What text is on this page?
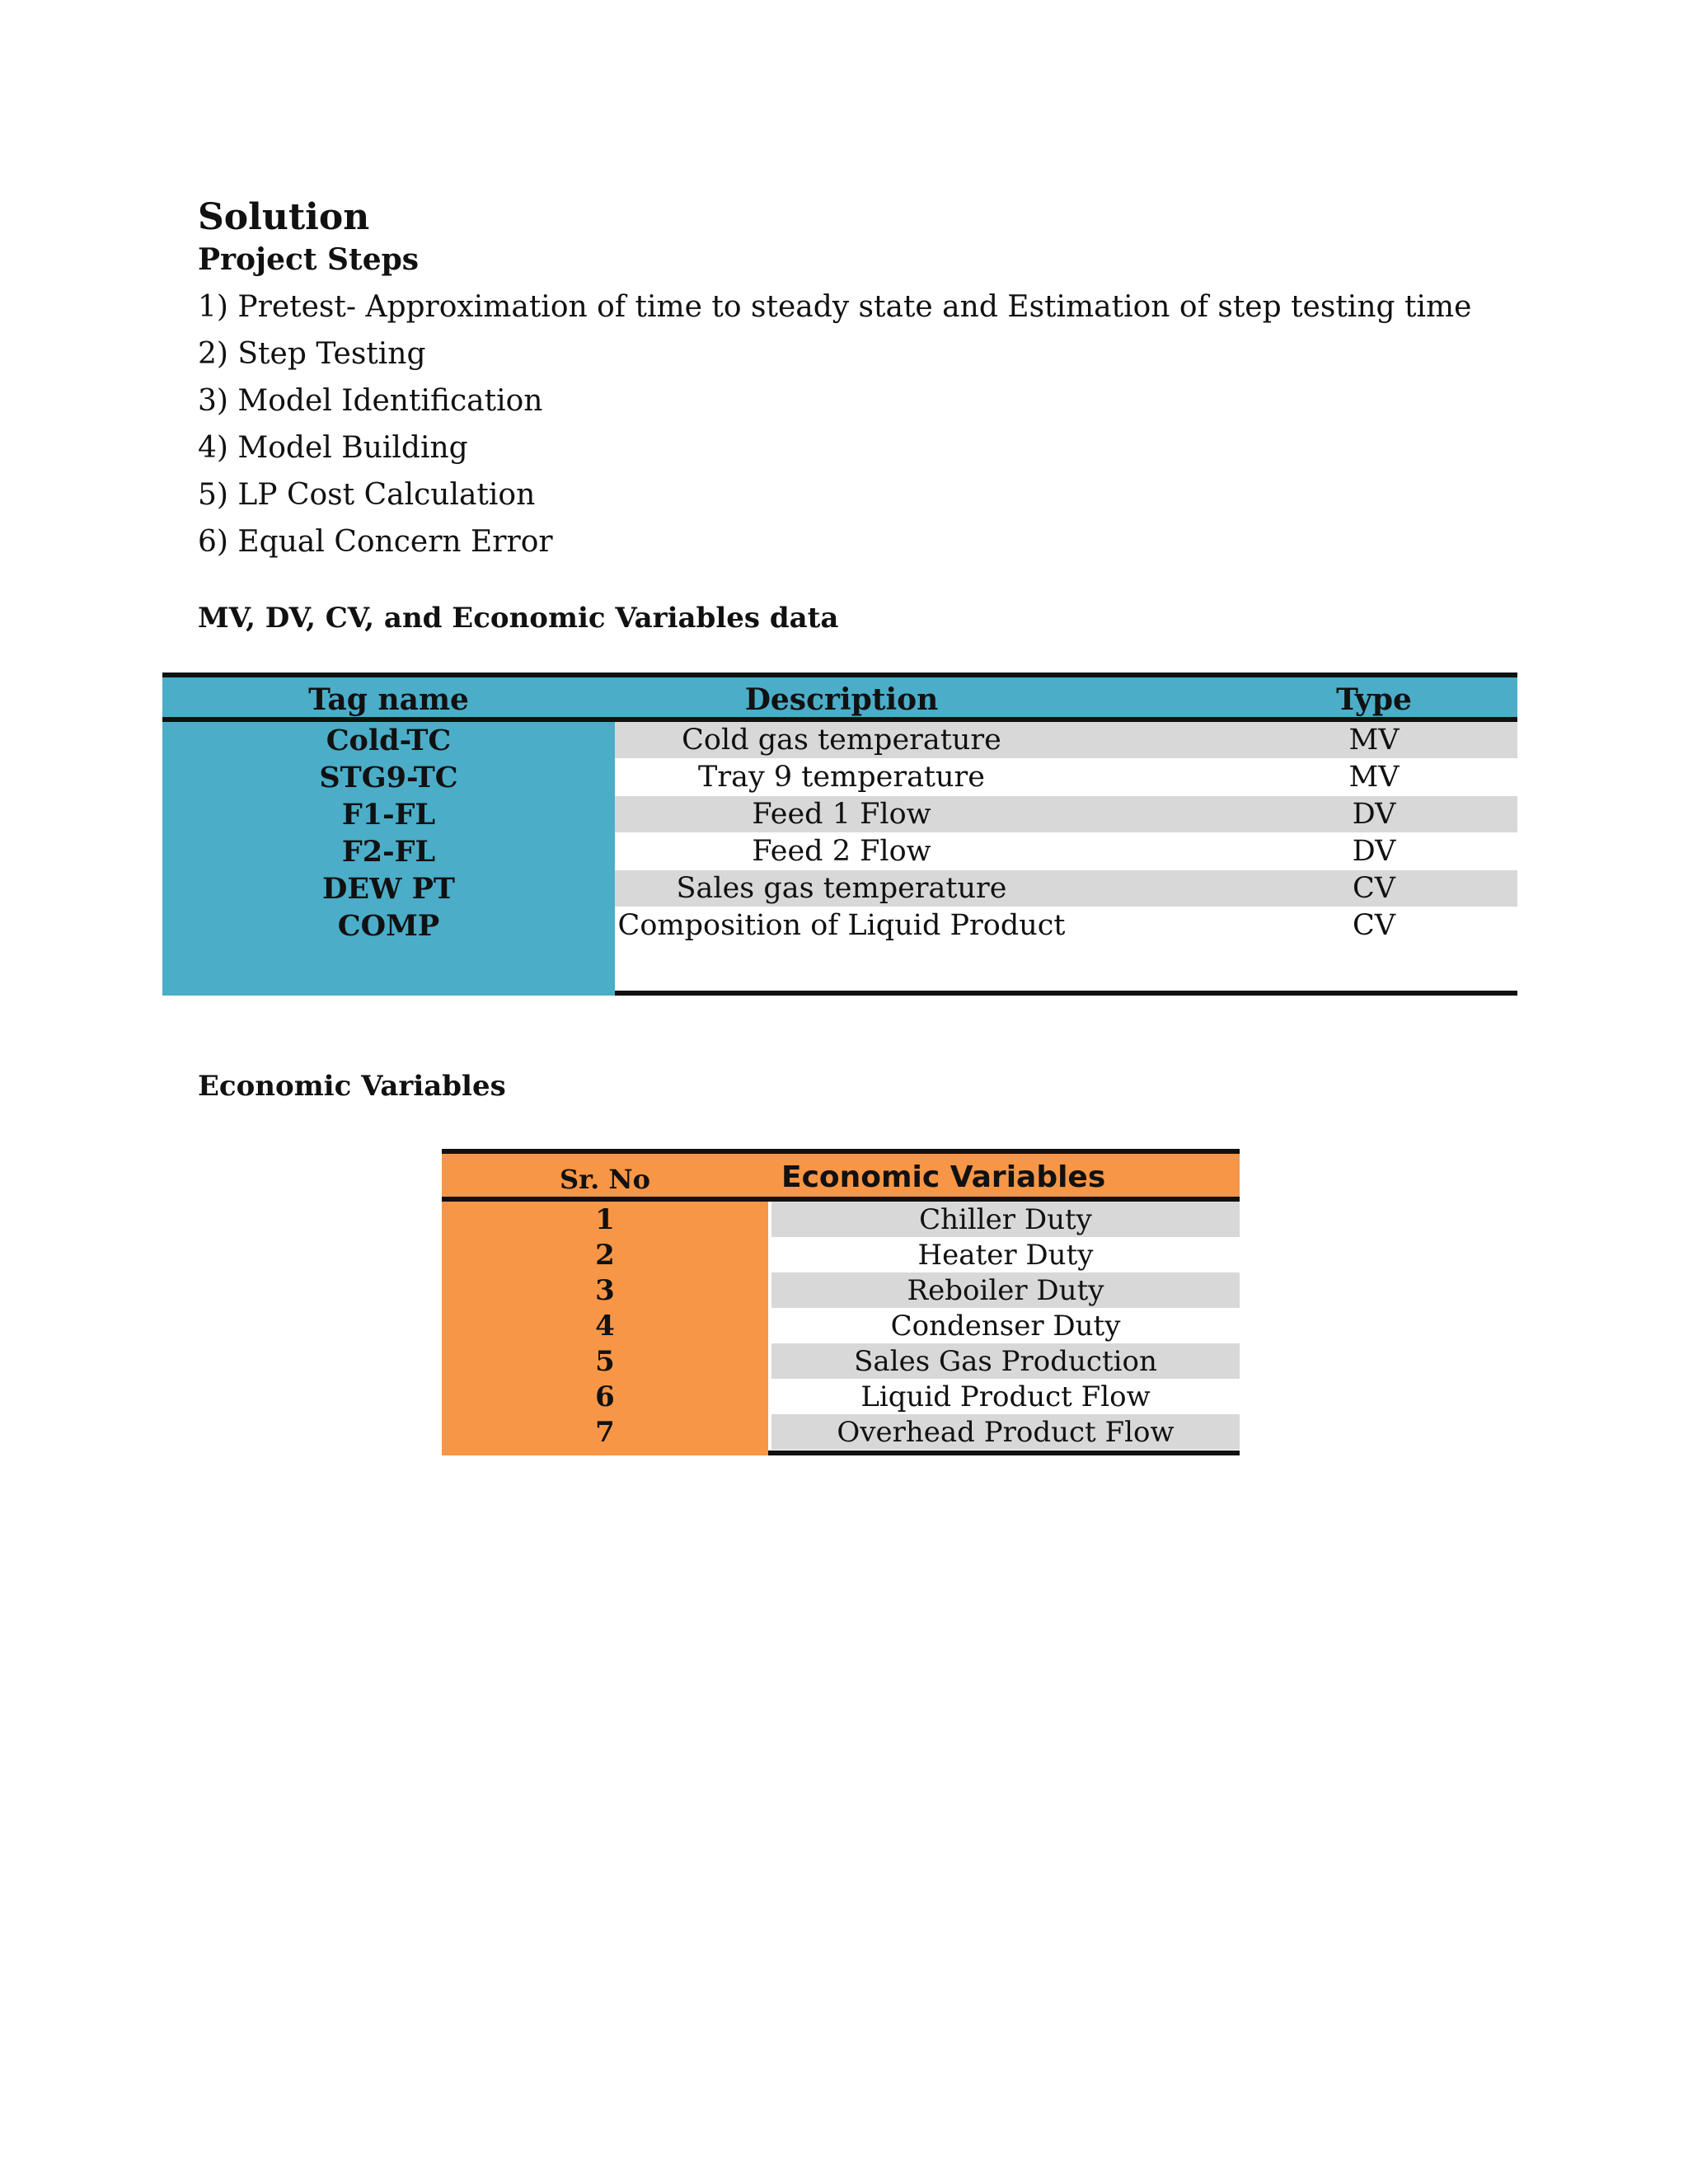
Solution
Project Steps
1) Pretest- Approximation of time to steady state and Estimation of step testing time
2) Step Testing
3) Model Identification
4) Model Building
5) LP Cost Calculation
6) Equal Concern Error
MV, DV, CV, and Economic Variables data
Tag name	Description	Type
Cold-TC	Cold gas temperature	MV
STG9-TC	Tray 9 temperature	MV
F1-FL	Feed 1 Flow	DV
F2-FL	Feed 2 Flow	DV
DEW PT	Sales gas temperature	CV
COMP	Composition of Liquid Product	CV
Economic Variables
Sr. No	Economic Variables
1	Chiller Duty
2	Heater Duty
3	Reboiler Duty
4	Condenser Duty
5	Sales Gas Production
6	Liquid Product Flow
7	Overhead Product Flow
